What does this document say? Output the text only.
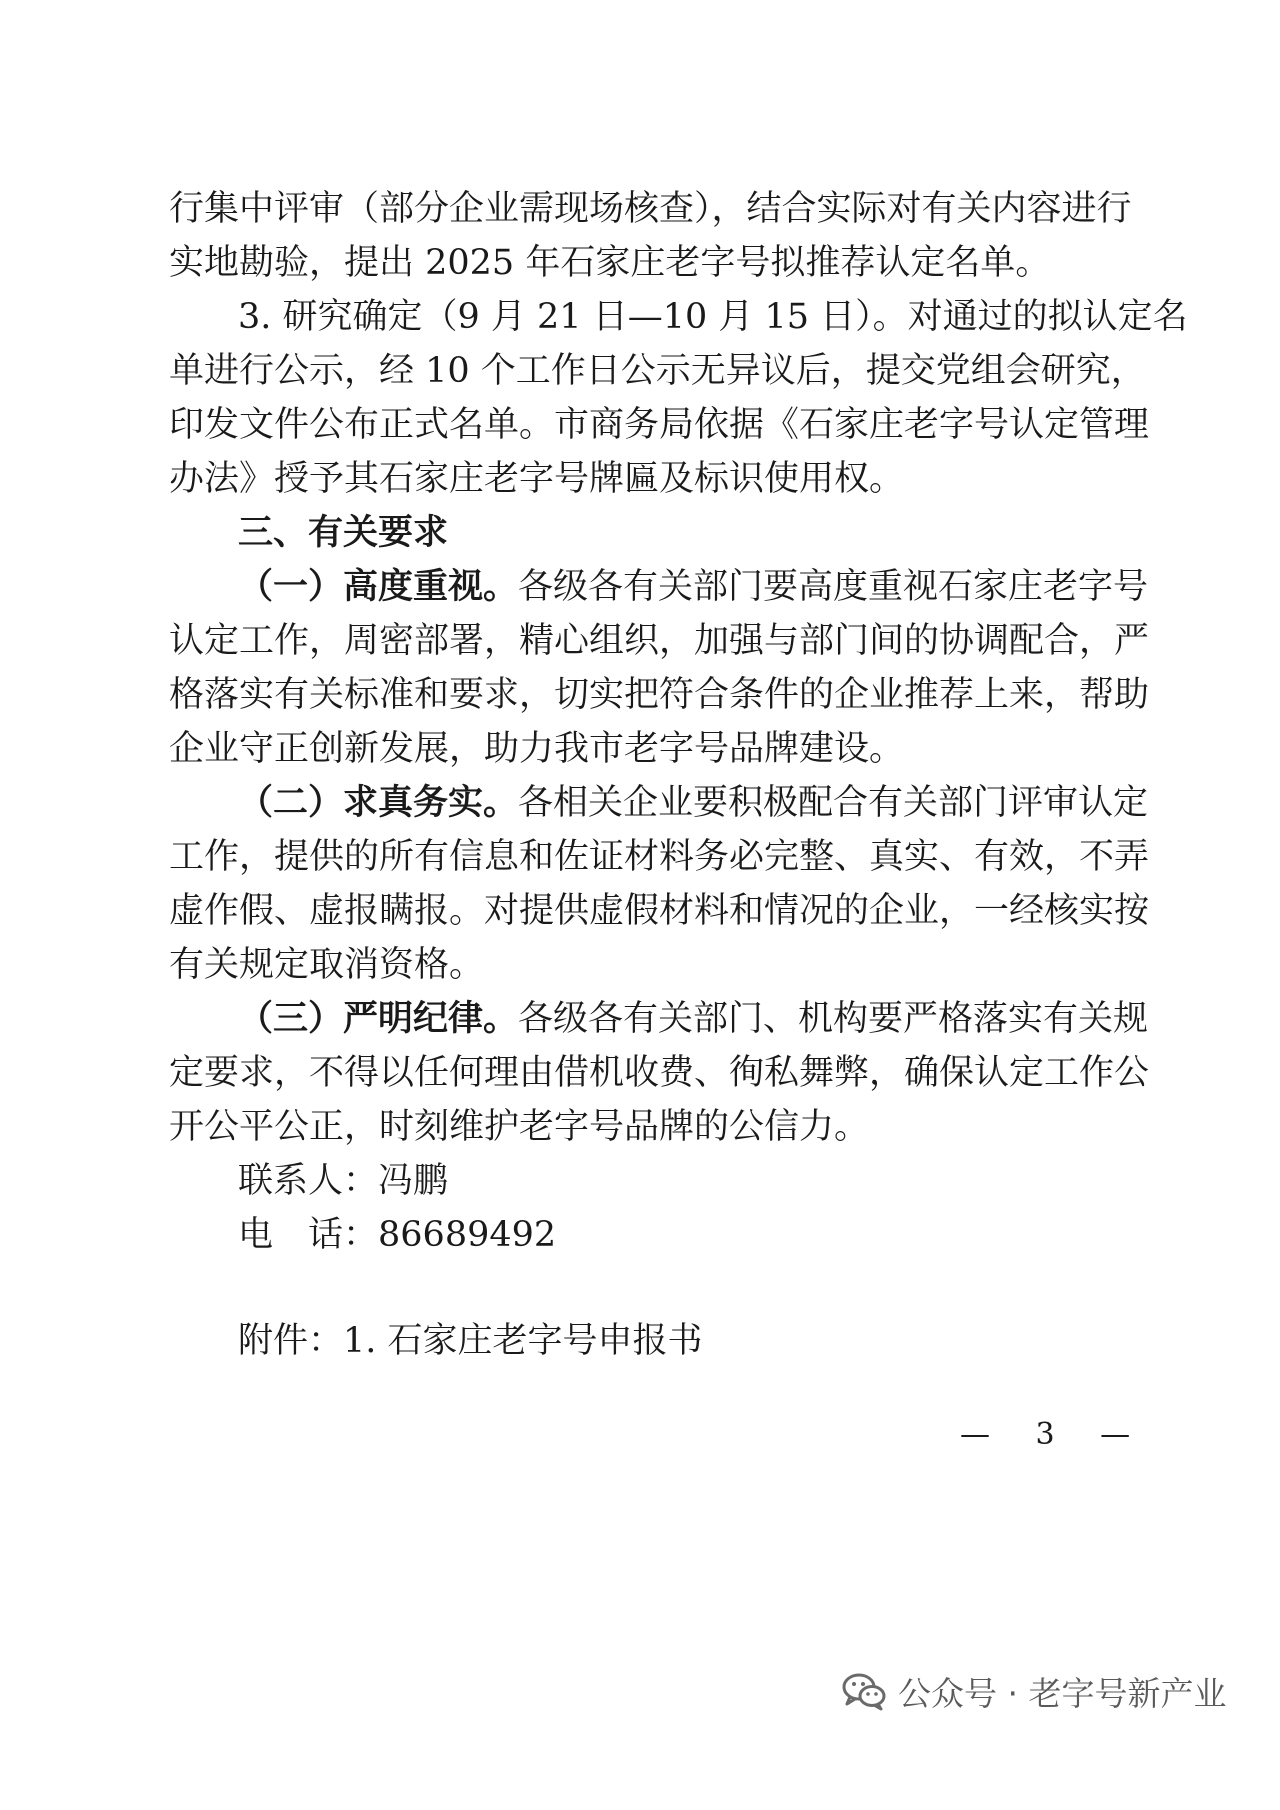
行集中评审（部分企业需现场核查），结合实际对有关内容进行
实地勘验，提出 2025 年石家庄老字号拟推荐认定名单。
3. 研究确定（9 月 21 日—10 月 15 日）。对通过的拟认定名
单进行公示，经 10 个工作日公示无异议后，提交党组会研究，
印发文件公布正式名单。市商务局依据《石家庄老字号认定管理
办法》授予其石家庄老字号牌匾及标识使用权。
三、有关要求
（一）高度重视。各级各有关部门要高度重视石家庄老字号
认定工作，周密部署，精心组织，加强与部门间的协调配合，严
格落实有关标准和要求，切实把符合条件的企业推荐上来，帮助
企业守正创新发展，助力我市老字号品牌建设。
（二）求真务实。各相关企业要积极配合有关部门评审认定
工作，提供的所有信息和佐证材料务必完整、真实、有效，不弄
虚作假、虚报瞒报。对提供虚假材料和情况的企业，一经核实按
有关规定取消资格。
（三）严明纪律。各级各有关部门、机构要严格落实有关规
定要求，不得以任何理由借机收费、徇私舞弊，确保认定工作公
开公平公正，时刻维护老字号品牌的公信力。
联系人：冯鹏
电　话：86689492
附件：1. 石家庄老字号申报书
— 3 —
公众号 · 老字号新产业
